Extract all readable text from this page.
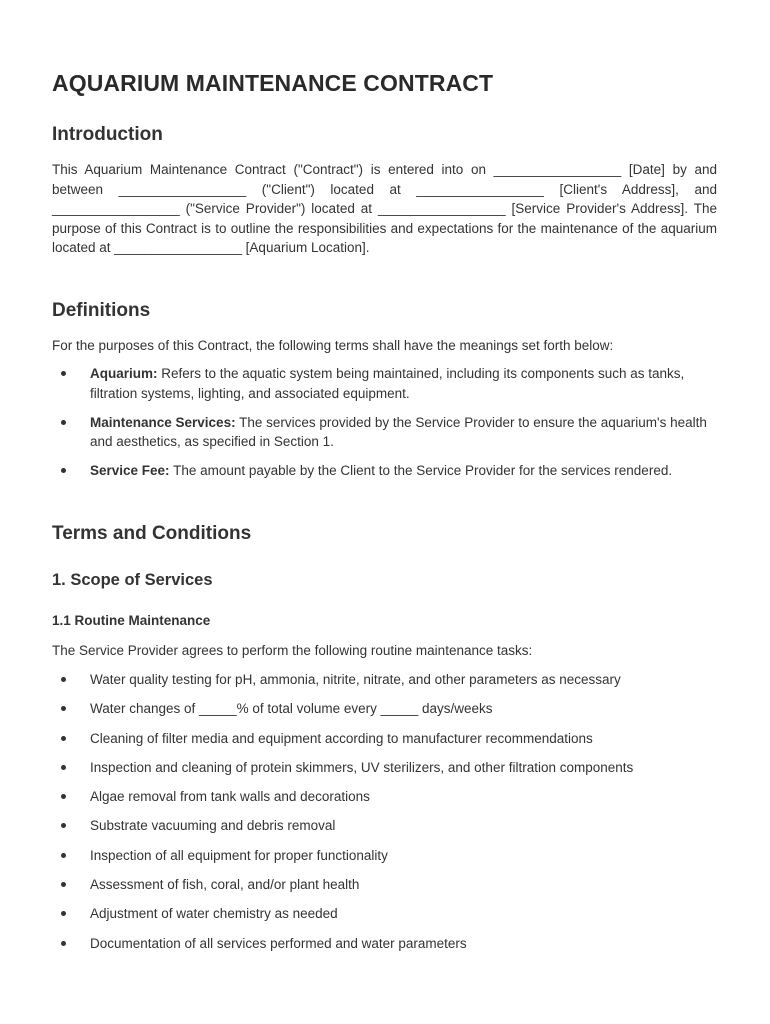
AQUARIUM MAINTENANCE CONTRACT
Introduction

This Aquarium Maintenance Contract ("Contract") is entered into on _________________ [Date] by and between _________________ ("Client") located at _________________ [Client's Address], and _________________ ("Service Provider") located at _________________ [Service Provider's Address]. The purpose of this Contract is to outline the responsibilities and expectations for the maintenance of the aquarium located at _________________ [Aquarium Location].

Definitions

For the purposes of this Contract, the following terms shall have the meanings set forth below:

Aquarium: Refers to the aquatic system being maintained, including its components such as tanks, filtration systems, lighting, and associated equipment.
Maintenance Services: The services provided by the Service Provider to ensure the aquarium's health and aesthetics, as specified in Section 1.
Service Fee: The amount payable by the Client to the Service Provider for the services rendered.
Terms and Conditions
1. Scope of Services
1.1 Routine Maintenance

The Service Provider agrees to perform the following routine maintenance tasks:

Water quality testing for pH, ammonia, nitrite, nitrate, and other parameters as necessary
Water changes of _____% of total volume every _____ days/weeks
Cleaning of filter media and equipment according to manufacturer recommendations
Inspection and cleaning of protein skimmers, UV sterilizers, and other filtration components
Algae removal from tank walls and decorations
Substrate vacuuming and debris removal
Inspection of all equipment for proper functionality
Assessment of fish, coral, and/or plant health
Adjustment of water chemistry as needed
Documentation of all services performed and water parameters
